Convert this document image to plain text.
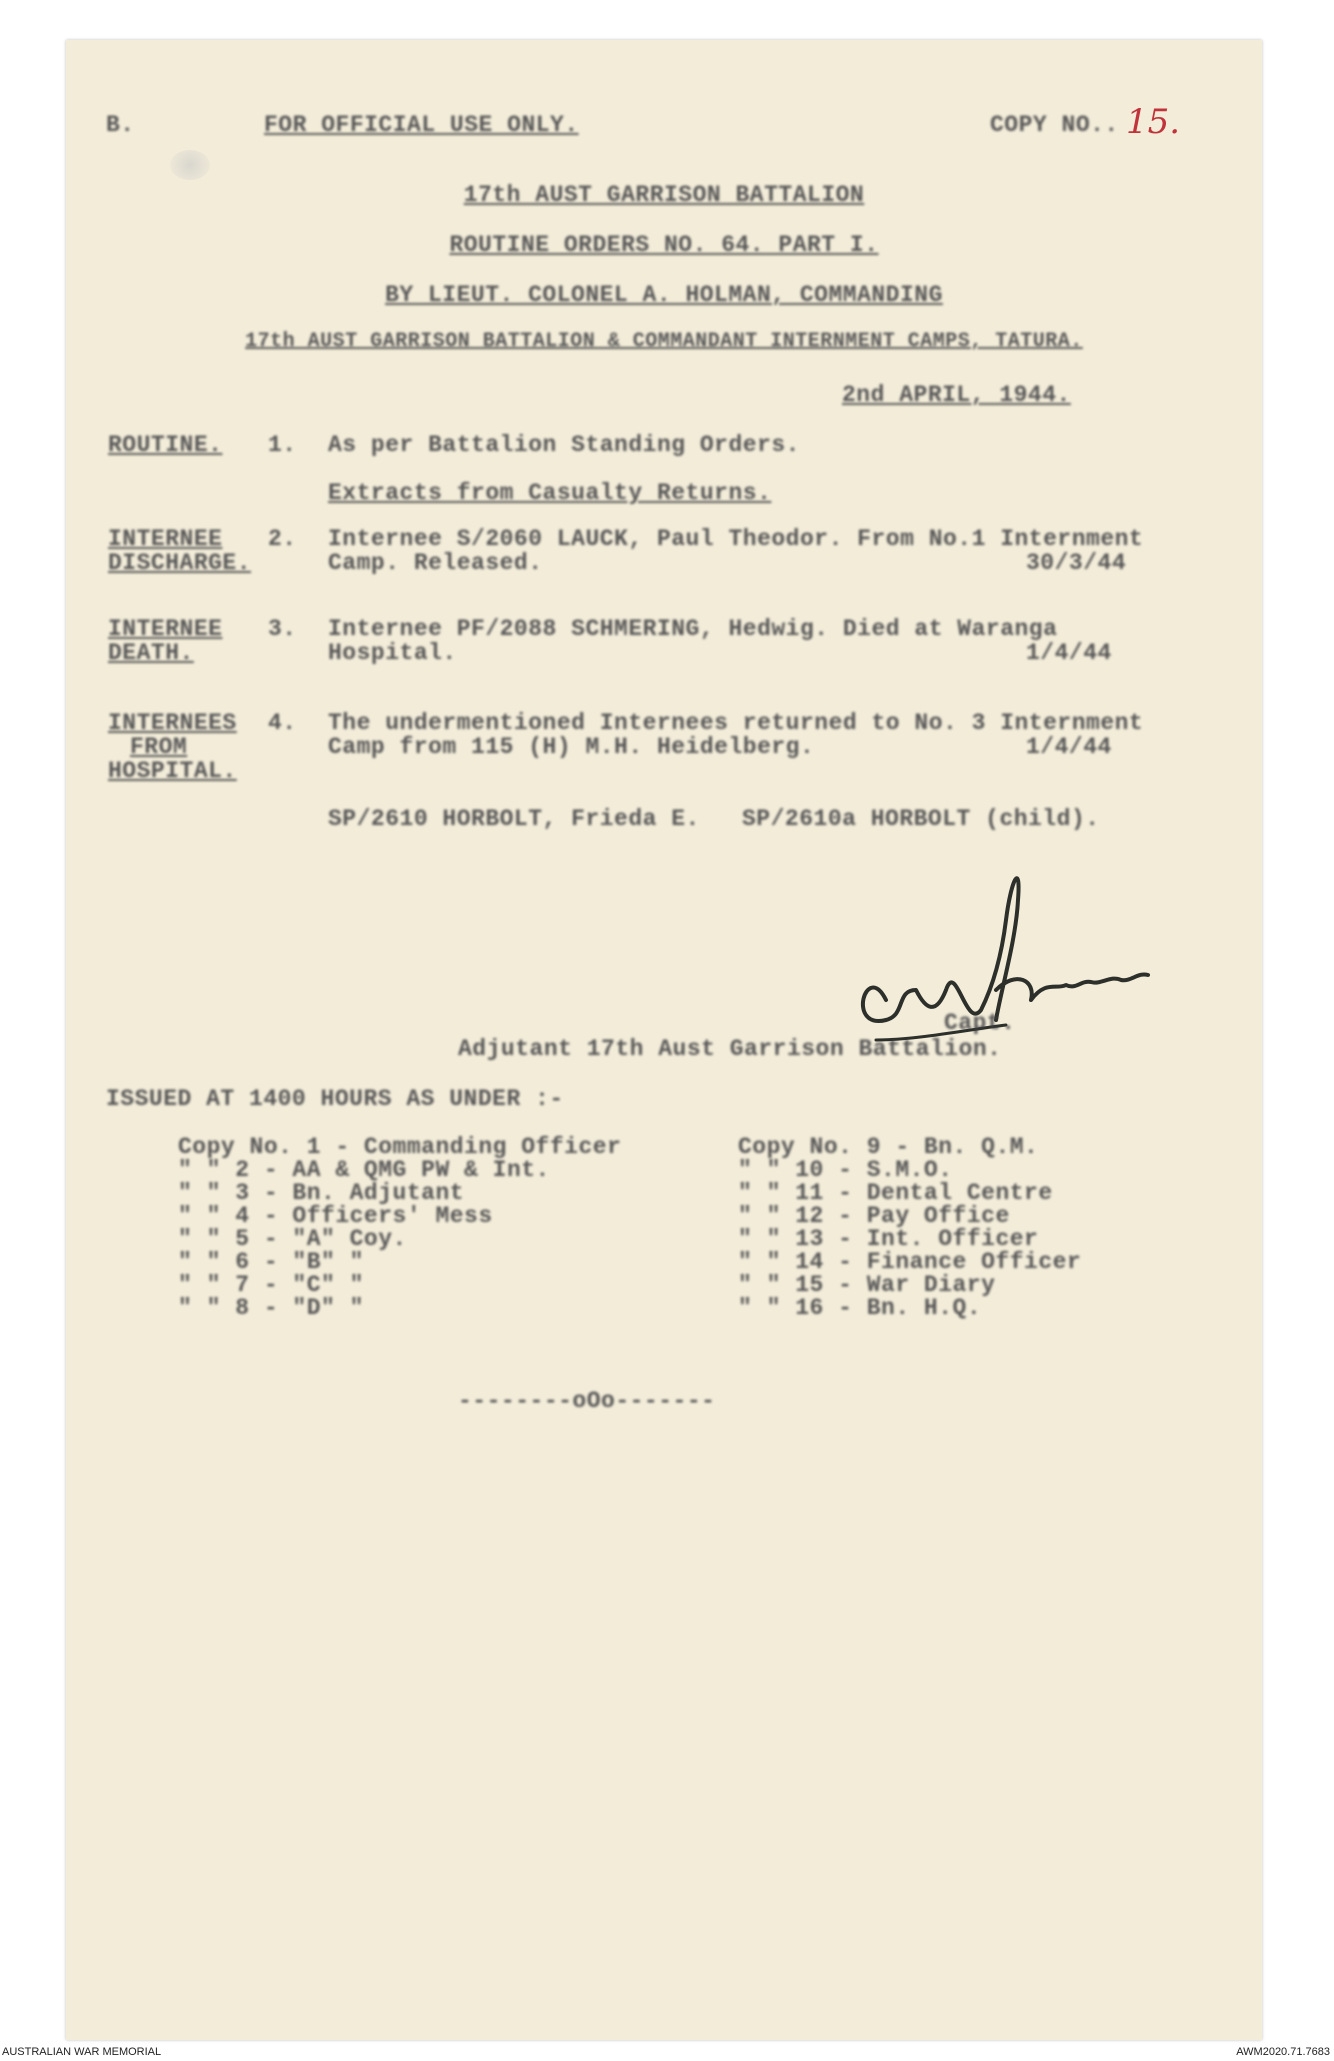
B.	FOR OFFICIAL USE ONLY.	COPY NO.. 15.
17th AUST GARRISON BATTALION
ROUTINE ORDERS NO. 64. PART I.
BY LIEUT. COLONEL A. HOLMAN, COMMANDING
17th AUST GARRISON BATTALION & COMMANDANT INTERNMENT CAMPS, TATURA.
2nd APRIL, 1944.
ROUTINE. 1. As per Battalion Standing Orders.
Extracts from Casualty Returns.
INTERNEE
DISCHARGE.
2. Internee S/2060 LAUCK, Paul Theodor. From No.1 Internment
Camp. Released.	30/3/44
INTERNEE
DEATH.
3. Internee PF/2088 SCHMERING, Hedwig. Died at Waranga
Hospital.	1/4/44
INTERNEES
FROM
HOSPITAL.
4. The undermentioned Internees returned to No. 3 Internment
Camp from 115 (H) M.H. Heidelberg.	1/4/44
SP/2610 HORBOLT, Frieda E. SP/2610a HORBOLT (child).
Capt.
Adjutant 17th Aust Garrison Battalion.
ISSUED AT 1400 HOURS AS UNDER :-
Copy No. 1 - Commanding Officer
" " 2 - AA & QMG PW & Int.
" " 3 - Bn. Adjutant
" " 4 - Officers' Mess
" " 5 - "A" Coy.
" " 6 - "B" "
" " 7 - "C" "
" " 8 - "D" "
Copy No. 9 - Bn. Q.M.
" " 10 - S.M.O.
" " 11 - Dental Centre
" " 12 - Pay Office
" " 13 - Int. Officer
" " 14 - Finance Officer
" " 15 - War Diary
" " 16 - Bn. H.Q.
--------oOo-------
AUSTRALIAN WAR MEMORIAL	AWM2020.71.7683
